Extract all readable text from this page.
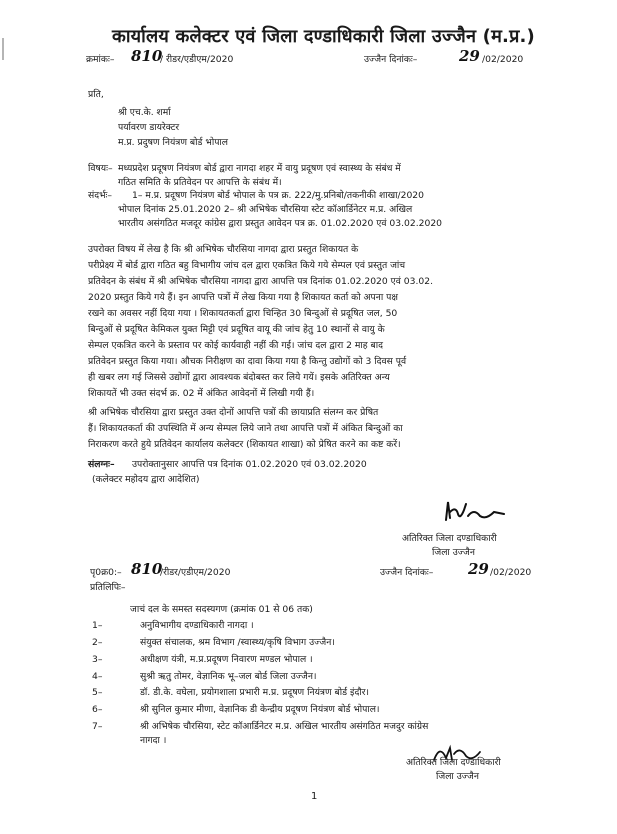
कार्यालय कलेक्टर एवं जिला दण्डाधिकारी जिला उज्जैन (म.प्र.)
क्रमांकः– 810
/ रीडर/एडीएम/2020	उज्जैन दिनांकः–	29 /02/2020
प्रति,
श्री एच.के. शर्मा
पर्यावरण डायरेक्टर
म.प्र. प्रदुषण नियंत्रण बोर्ड भोपाल
विषयः– मध्यप्रदेश प्रदूषण नियंत्रण बोर्ड द्वारा नागदा शहर में वायु प्रदूषण एवं स्वास्थ्य के संबंध में
गठित समिति के प्रतिवेदन पर आपत्ति के संबंध में।
संदर्भः– 1– म.प्र. प्रदूषण नियंत्रण बोर्ड भोपाल के पत्र क्र. 222/मु.प्रनिबो/तकनीकी शाखा/2020
भोपाल दिनांक 25.01.2020 2– श्री अभिषेक चौरसिया स्टेट कॉआर्डिनेटर म.प्र. अखिल
भारतीय असंगठित मजदूर कांग्रेस द्वारा प्रस्तुत आवेदन पत्र क्र. 01.02.2020 एवं 03.02.2020
उपरोक्त विषय में लेख है कि श्री अभिषेक चौरसिया नागदा द्वारा प्रस्तुत शिकायत के
परीप्रेक्ष्य में बोर्ड द्वारा गठित बहु विभागीय जांच दल द्वारा एकत्रित किये गये सेम्पल एवं प्रस्तुत जांच
प्रतिवेदन के संबंध में श्री अभिषेक चौरसिया नागदा द्वारा आपत्ति पत्र दिनांक 01.02.2020 एवं 03.02.
2020 प्रस्तुत किये गये हैं। इन आपत्ति पत्रों में लेख किया गया है शिकायत कर्ता को अपना पक्ष
रखने का अवसर नहीं दिया गया । शिकायतकर्ता द्वारा चिन्हित 30 बिन्दुओं से प्रदूषित जल, 50
बिन्दुओं से प्रदूषित केमिकल युक्त मिट्टी एवं प्रदूषित वायू की जांच हेतु 10 स्थानों से वायु के
सेम्पल एकत्रित करने के प्रस्ताव पर कोई कार्यवाही नहीं की गई। जांच दल द्वारा 2 माह बाद
प्रतिवेदन प्रस्तुत किया गया। औचक निरीक्षण का दावा किया गया है किन्तु उद्योगों को 3 दिवस पूर्व
ही खबर लग गई जिससे उद्योगों द्वारा आवश्यक बंदोबस्त कर लिये गयें। इसके अतिरिक्त अन्य
शिकायतें भी उक्त संदर्भ क्र. 02 में अंकित आवेदनों में लिखी गयी हैं।
श्री अभिषेक चौरसिया द्वारा प्रस्तुत उक्त दोनों आपत्ति पत्रों की छायाप्रति संलग्न कर प्रेषित
हैं। शिकायतकर्ता की उपस्थिति में अन्य सेम्पल लिये जाने तथा आपत्ति पत्रों में अंकित बिन्दुओं का
निराकरण करते हुये प्रतिवेदन कार्यालय कलेक्टर (शिकायत शाखा) को प्रेषित करने का कष्ट करें।
संलग्नः– उपरोक्तानुसार आपत्ति पत्र दिनांक 01.02.2020 एवं 03.02.2020
(कलेक्टर महोदय द्वारा आदेशित)
अतिरिक्त जिला दण्डाधिकारी
जिला उज्जैन
पृ0क्र0:– 810
/रीडर/एडीएम/2020	उज्जैन दिनांकः– 29 /02/2020
प्रतिलिपिः–
जाचं दल के समस्त सदस्यगण (क्रमांक 01 से 06 तक)
1–	अनुविभागीय दण्डाधिकारी नागदा ।
2–	संयुक्त संचालक, श्रम विभाग /स्वास्थ्य/कृषि विभाग उज्जैन।
3–	अधीक्षण यंत्री, म.प्र.प्रदूषण निवारण मण्डल भोपाल ।
4–	सुश्री ऋतु तोमर, वेज्ञानिक भू–जल बोर्ड जिला उज्जैन।
5–	डॉ. डी.के. वघेला, प्रयोगशाला प्रभारी म.प्र. प्रदूषण नियंत्रण बोर्ड इंदौर।
6–	श्री सुनिल कुमार मीणा, वेज्ञानिक डी केन्द्रीय प्रदूषण नियंत्रण बोर्ड भोपाल।
7–	श्री अभिषेक चौरसिया, स्टेट कॉआर्डिनेटर म.प्र. अखिल भारतीय असंगठित मजदुर कांग्रेस
नागदा ।
अतिरिक्त जिला दण्डाधिकारी
जिला उज्जैन
1
